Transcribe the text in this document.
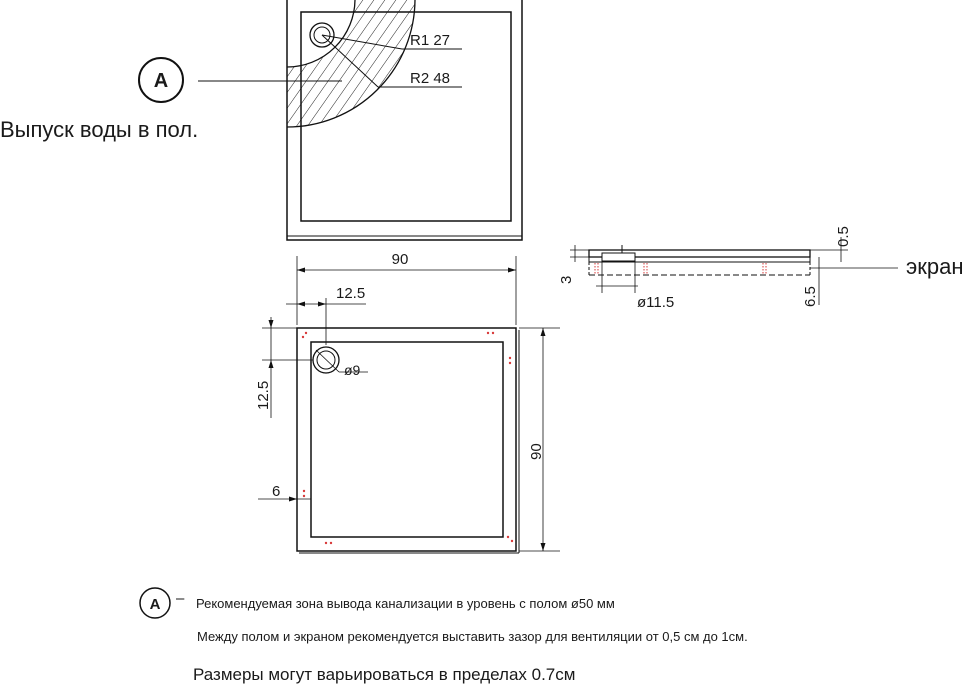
R1 27
R2 48
A
Выпуск воды в пол.
90
12.5
12.5
ø9
6
90
3
ø11.5
0.5
6.5
экран
A – Рекомендуемая зона вывода канализации в уровень с полом ø50 мм
Между полом и экраном рекомендуется выставить зазор для вентиляции от 0,5 см до 1см.
Размеры могут варьироваться в пределах 0.7см
